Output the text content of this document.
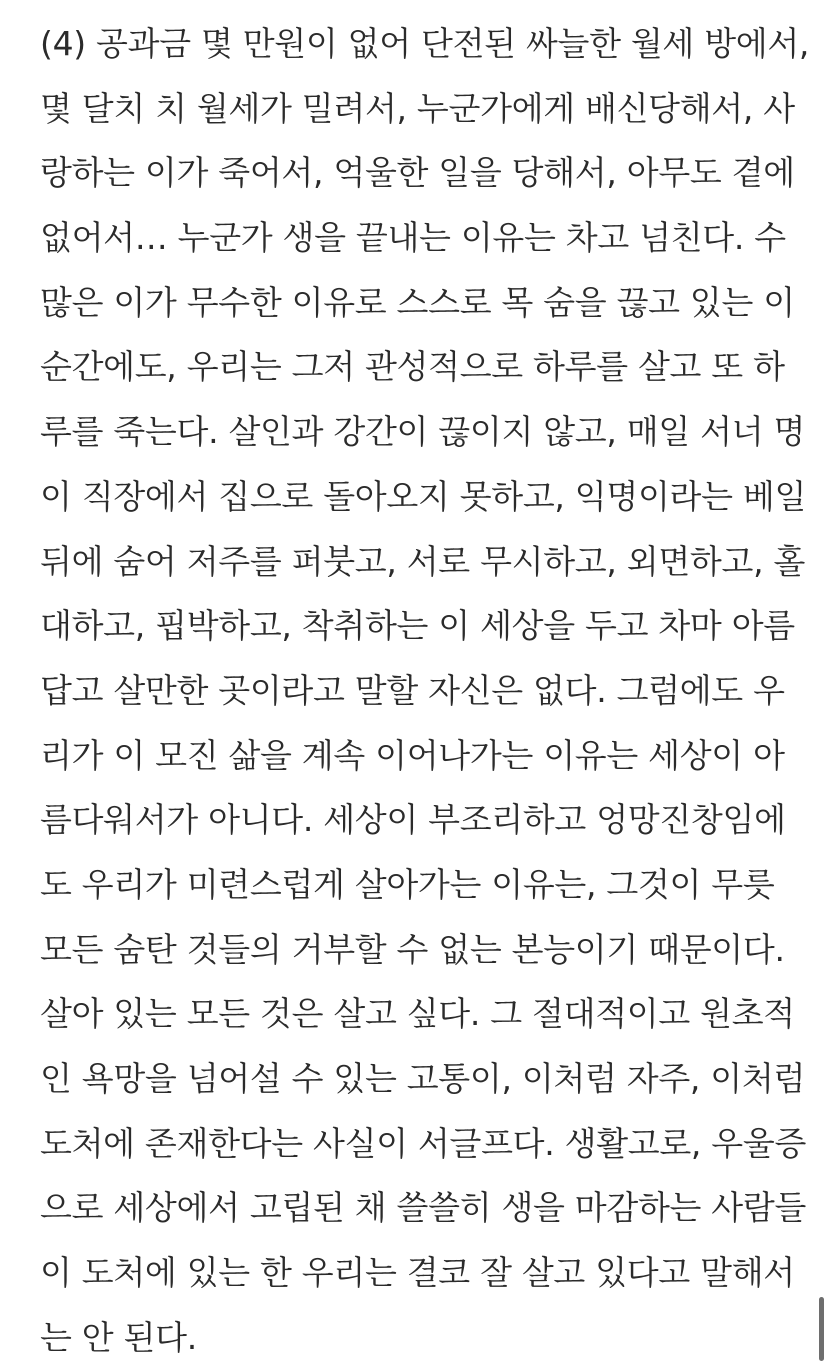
(4) 공과금 몇 만원이 없어 단전된 싸늘한 월세 방에서,
몇 달치 치 월세가 밀려서, 누군가에게 배신당해서, 사
랑하는 이가 죽어서, 억울한 일을 당해서, 아무도 곁에
없어서… 누군가 생을 끝내는 이유는 차고 넘친다. 수
많은 이가 무수한 이유로 스스로 목 숨을 끊고 있는 이
순간에도, 우리는 그저 관성적으로 하루를 살고 또 하
루를 죽는다. 살인과 강간이 끊이지 않고, 매일 서너 명
이 직장에서 집으로 돌아오지 못하고, 익명이라는 베일
뒤에 숨어 저주를 퍼붓고, 서로 무시하고, 외면하고, 홀
대하고, 핍박하고, 착취하는 이 세상을 두고 차마 아름
답고 살만한 곳이라고 말할 자신은 없다. 그럼에도 우
리가 이 모진 삶을 계속 이어나가는 이유는 세상이 아
름다워서가 아니다. 세상이 부조리하고 엉망진창임에
도 우리가 미련스럽게 살아가는 이유는, 그것이 무릇
모든 숨탄 것들의 거부할 수 없는 본능이기 때문이다.
살아 있는 모든 것은 살고 싶다. 그 절대적이고 원초적
인 욕망을 넘어설 수 있는 고통이, 이처럼 자주, 이처럼
도처에 존재한다는 사실이 서글프다. 생활고로, 우울증
으로 세상에서 고립된 채 쓸쓸히 생을 마감하는 사람들
이 도처에 있는 한 우리는 결코 잘 살고 있다고 말해서
는 안 된다.
